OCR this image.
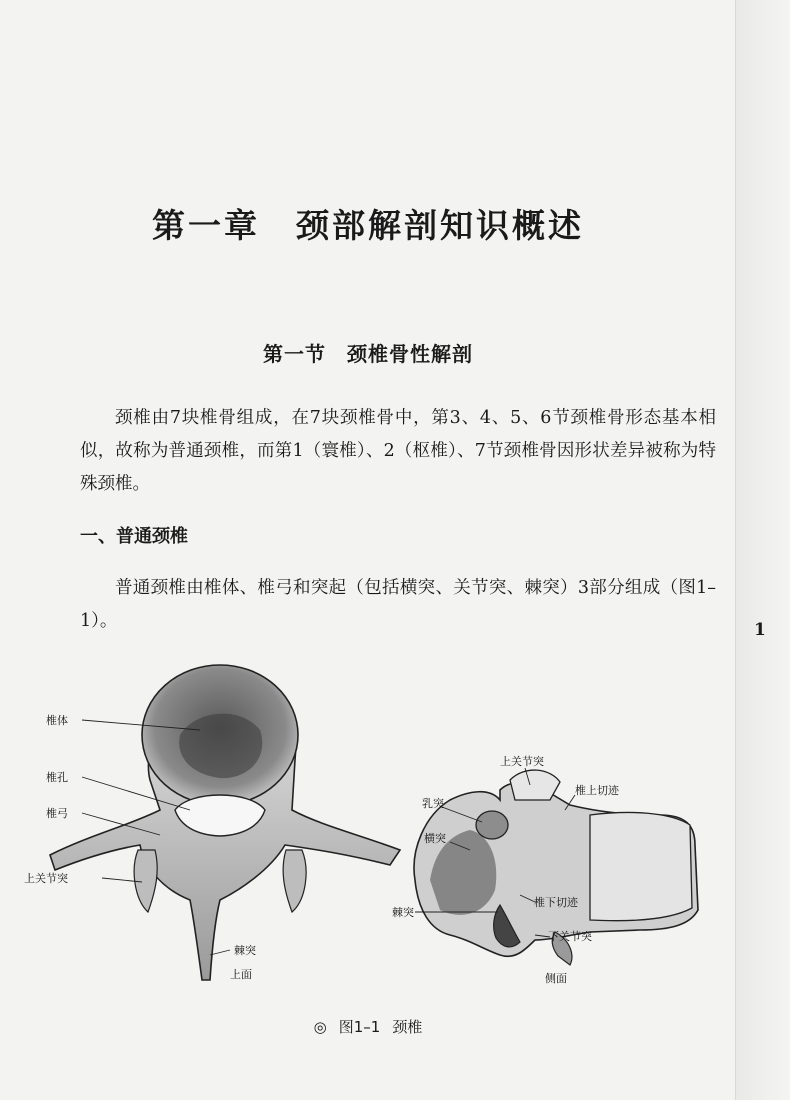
第一章　颈部解剖知识概述
第一节　颈椎骨性解剖
颈椎由7块椎骨组成，在7块颈椎骨中，第3、4、5、6节颈椎骨形态基本相似，故称为普通颈椎，而第1（寰椎）、2（枢椎）、7节颈椎骨因形状差异被称为特殊颈椎。
一、普通颈椎
普通颈椎由椎体、椎弓和突起（包括横突、关节突、棘突）3部分组成（图1–1）。	1
椎体
椎孔
椎弓
上关节突
棘突
上面
上关节突
椎上切迹
乳突
横突
棘突
椎下切迹
下关节突
侧面
◎ 图1–1 颈椎
